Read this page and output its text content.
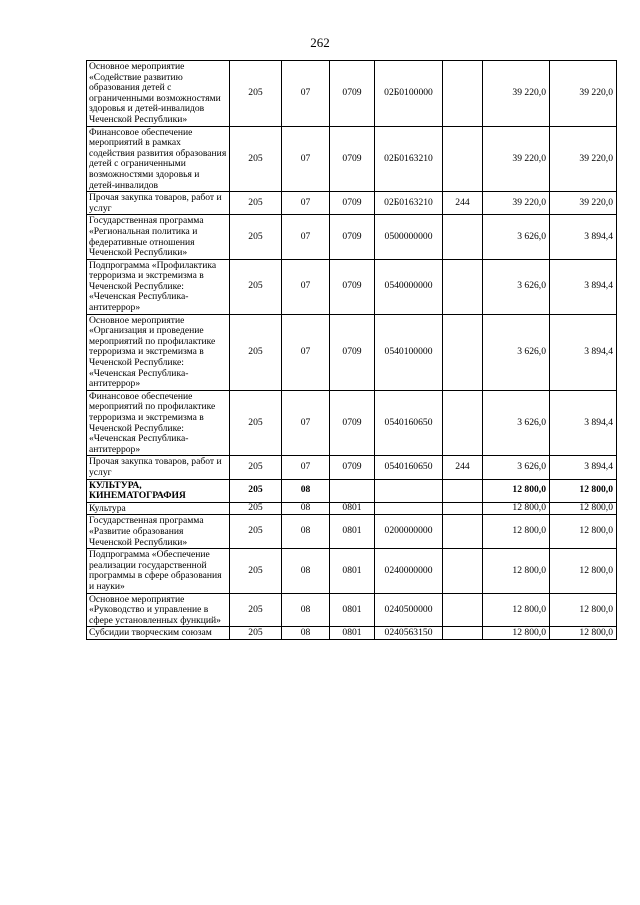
262
Основное мероприятие «Содействие развитию образования детей с ограниченными возможностями здоровья и детей-инвалидов Чеченской Республики»	205	07	0709	02Б0100000		39 220,0	39 220,0
Финансовое обеспечение мероприятий в рамках содействия развития образования детей с ограниченными возможностями здоровья и детей-инвалидов	205	07	0709	02Б0163210		39 220,0	39 220,0
Прочая закупка товаров, работ и услуг	205	07	0709	02Б0163210	244	39 220,0	39 220,0
Государственная программа «Региональная политика и федеративные отношения Чеченской Республики»	205	07	0709	0500000000		3 626,0	3 894,4
Подпрограмма «Профилактика терроризма и экстремизма в Чеченской Республике: «Чеченская Республика-антитеррор»	205	07	0709	0540000000		3 626,0	3 894,4
Основное мероприятие «Организация и проведение мероприятий по профилактике терроризма и экстремизма в Чеченской Республике: «Чеченская Республика-антитеррор»	205	07	0709	0540100000		3 626,0	3 894,4
Финансовое обеспечение мероприятий по профилактике терроризма и экстремизма в Чеченской Республике: «Чеченская Республика-антитеррор»	205	07	0709	0540160650		3 626,0	3 894,4
Прочая закупка товаров, работ и услуг	205	07	0709	0540160650	244	3 626,0	3 894,4
КУЛЬТУРА, КИНЕМАТОГРАФИЯ	205	08				12 800,0	12 800,0
Культура	205	08	0801			12 800,0	12 800,0
Государственная программа «Развитие образования Чеченской Республики»	205	08	0801	0200000000		12 800,0	12 800,0
Подпрограмма «Обеспечение реализации государственной программы в сфере образования и науки»	205	08	0801	0240000000		12 800,0	12 800,0
Основное мероприятие «Руководство и управление в сфере установленных функций»	205	08	0801	0240500000		12 800,0	12 800,0
Субсидии творческим союзам	205	08	0801	0240563150		12 800,0	12 800,0
